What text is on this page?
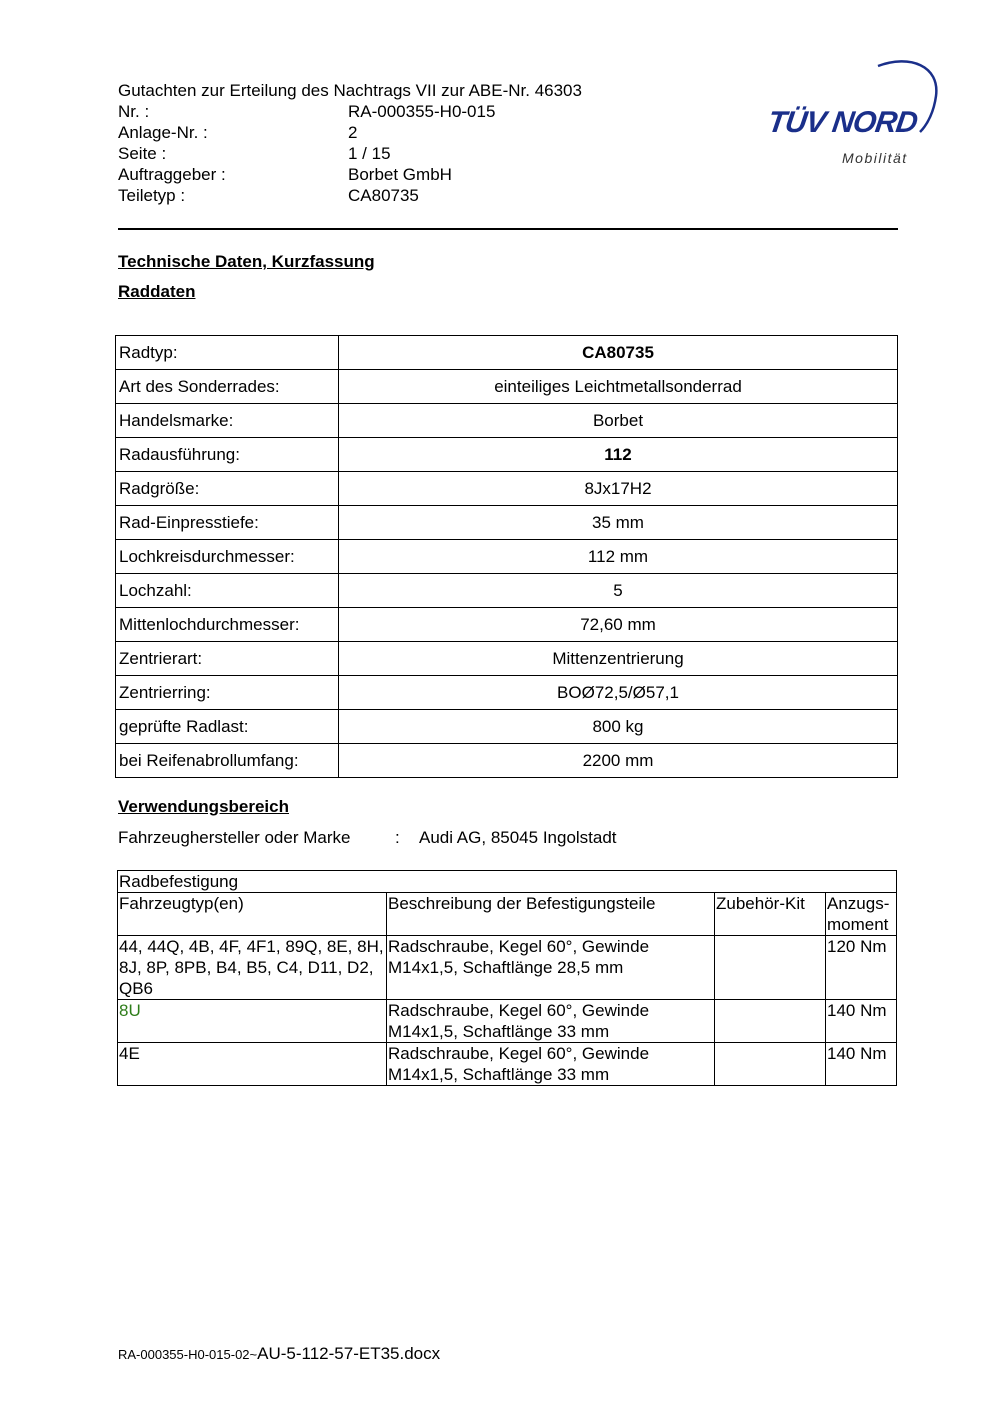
Gutachten zur Erteilung des Nachtrags VII zur ABE-Nr. 46303
Nr. :	RA-000355-H0-015
Anlage-Nr. :	2
Seite :	1 / 15
Auftraggeber :	Borbet GmbH
Teiletyp :	CA80735
TÜV NORD
Mobilität
Technische Daten, Kurzfassung
Raddaten
Radtyp:	CA80735
Art des Sonderrades:	einteiliges Leichtmetallsonderrad
Handelsmarke:	Borbet
Radausführung:	112
Radgröße:	8Jx17H2
Rad-Einpresstiefe:	35 mm
Lochkreisdurchmesser:	112 mm
Lochzahl:	5
Mittenlochdurchmesser:	72,60 mm
Zentrierart:	Mittenzentrierung
Zentrierring:	BOØ72,5/Ø57,1
geprüfte Radlast:	800 kg
bei Reifenabrollumfang:	2200 mm
Verwendungsbereich
Fahrzeughersteller oder Marke	: Audi AG, 85045 Ingolstadt
Radbefestigung			
Fahrzeugtyp(en)	Beschreibung der Befestigungsteile	Zubehör-Kit	Anzugs-moment
44, 44Q, 4B, 4F, 4F1, 89Q, 8E, 8H, 8J, 8P, 8PB, B4, B5, C4, D11, D2, QB6	Radschraube, Kegel 60°, Gewinde M14x1,5, Schaftlänge 28,5 mm		120 Nm
8U	Radschraube, Kegel 60°, Gewinde M14x1,5, Schaftlänge 33 mm		140 Nm
4E	Radschraube, Kegel 60°, Gewinde M14x1,5, Schaftlänge 33 mm		140 Nm
RA-000355-H0-015-02~AU-5-112-57-ET35.docx
